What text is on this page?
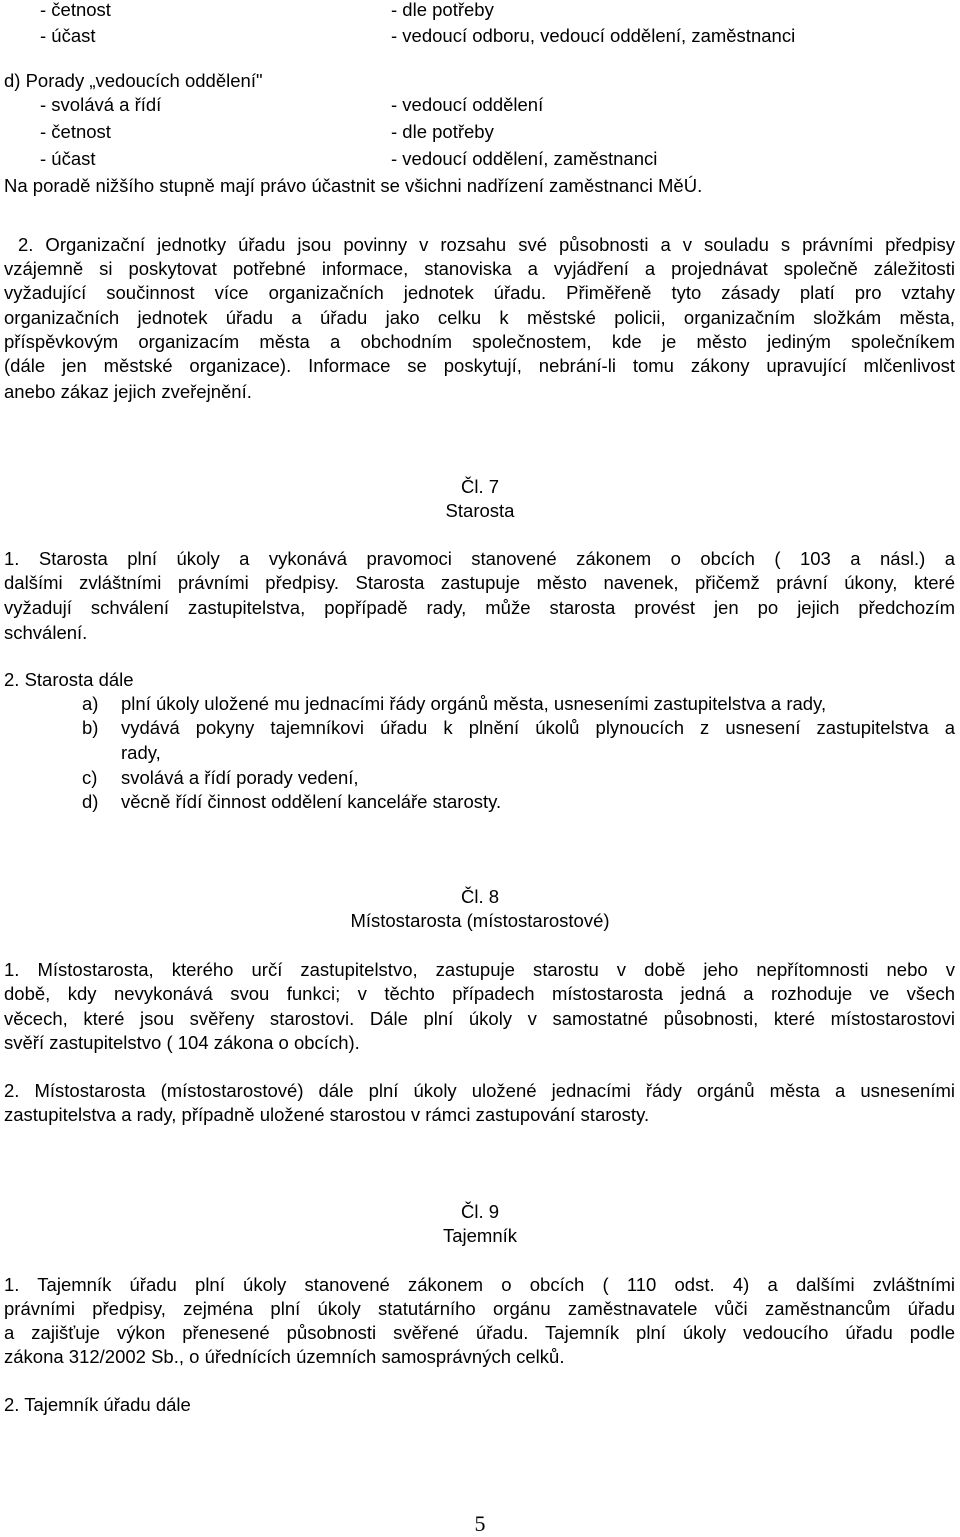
- četnost	- dle potřeby
- účast	- vedoucí odboru, vedoucí oddělení, zaměstnanci
d) Porady „vedoucích oddělení"
- svolává a řídí	- vedoucí oddělení
- četnost	- dle potřeby
- účast	- vedoucí oddělení, zaměstnanci
Na poradě nižšího stupně mají právo účastnit se všichni nadřízení zaměstnanci MěÚ.
2. Organizační jednotky úřadu jsou povinny v rozsahu své působnosti a v souladu s právními předpisy
vzájemně si poskytovat potřebné informace, stanoviska a vyjádření a projednávat společně záležitosti
vyžadující součinnost více organizačních jednotek úřadu. Přiměřeně tyto zásady platí pro vztahy
organizačních jednotek úřadu a úřadu jako celku k městské policii, organizačním složkám města,
příspěvkovým organizacím města a obchodním společnostem, kde je město jediným společníkem
(dále jen městské organizace). Informace se poskytují, nebrání-li tomu zákony upravující mlčenlivost
anebo zákaz jejich zveřejnění.
Čl. 7
Starosta
1. Starosta plní úkoly a vykonává pravomoci stanovené zákonem o obcích ( 103 a násl.) a
dalšími zvláštními právními předpisy. Starosta zastupuje město navenek, přičemž právní úkony, které
vyžadují schválení zastupitelstva, popřípadě rady, může starosta provést jen po jejich předchozím
schválení.
2. Starosta dále
a) plní úkoly uložené mu jednacími řády orgánů města, usneseními zastupitelstva a rady,
b) vydává pokyny tajemníkovi úřadu k plnění úkolů plynoucích z usnesení zastupitelstva a
rady,
c) svolává a řídí porady vedení,
d) věcně řídí činnost oddělení kanceláře starosty.
Čl. 8
Místostarosta (místostarostové)
1. Místostarosta, kterého určí zastupitelstvo, zastupuje starostu v době jeho nepřítomnosti nebo v
době, kdy nevykonává svou funkci; v těchto případech místostarosta jedná a rozhoduje ve všech
věcech, které jsou svěřeny starostovi. Dále plní úkoly v samostatné působnosti, které místostarostovi
svěří zastupitelstvo ( 104 zákona o obcích).
2. Místostarosta (místostarostové) dále plní úkoly uložené jednacími řády orgánů města a usneseními
zastupitelstva a rady, případně uložené starostou v rámci zastupování starosty.
Čl. 9
Tajemník
1. Tajemník úřadu plní úkoly stanovené zákonem o obcích ( 110 odst. 4) a dalšími zvláštními
právními předpisy, zejména plní úkoly statutárního orgánu zaměstnavatele vůči zaměstnancům úřadu
a zajišťuje výkon přenesené působnosti svěřené úřadu. Tajemník plní úkoly vedoucího úřadu podle
zákona 312/2002 Sb., o úřednících územních samosprávných celků.
2. Tajemník úřadu dále
5
